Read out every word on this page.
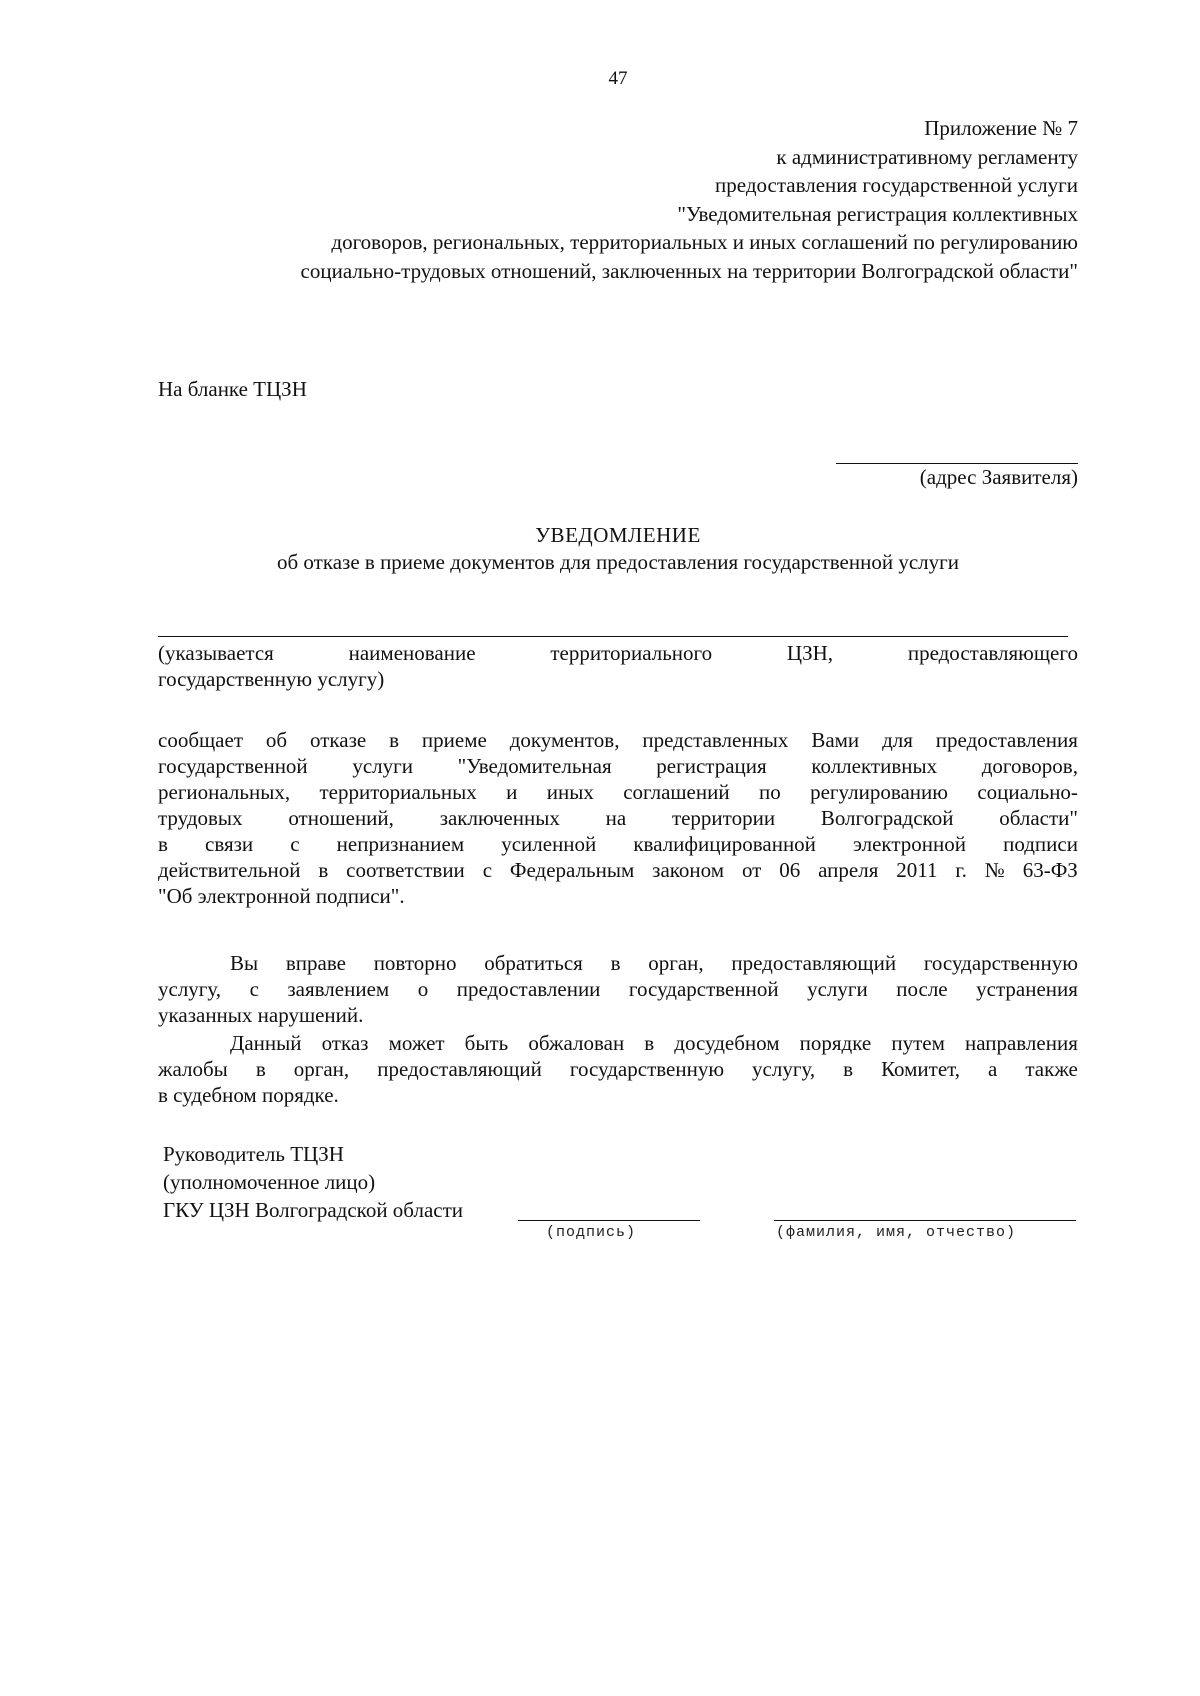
47
Приложение № 7
к административному регламенту
предоставления государственной услуги
"Уведомительная регистрация коллективных
договоров, региональных, территориальных и иных соглашений по регулированию
социально-трудовых отношений, заключенных на территории Волгоградской области"
На бланке ТЦЗН
(адрес Заявителя)
УВЕДОМЛЕНИЕ
об отказе в приеме документов для предоставления государственной услуги
(указывается	наименование	территориального	ЦЗН,	предоставляющего
государственную услугу)
сообщает об отказе в приеме документов, представленных Вами для предоставления
государственной услуги "Уведомительная регистрация коллективных договоров,
региональных, территориальных и иных соглашений по регулированию социально-
трудовых отношений, заключенных на территории Волгоградской области"
в связи с непризнанием усиленной квалифицированной электронной подписи
действительной в соответствии с Федеральным законом от 06 апреля 2011 г. № 63-ФЗ
"Об электронной подписи".
Вы вправе повторно обратиться в орган, предоставляющий государственную
услугу, с заявлением о предоставлении государственной услуги после устранения
указанных нарушений.
Данный отказ может быть обжалован в досудебном порядке путем направления
жалобы в орган, предоставляющий государственную услугу, в Комитет, а также
в судебном порядке.
Руководитель ТЦЗН
(уполномоченное лицо)
ГКУ ЦЗН Волгоградской области
(подпись)	(фамилия, имя, отчество)
